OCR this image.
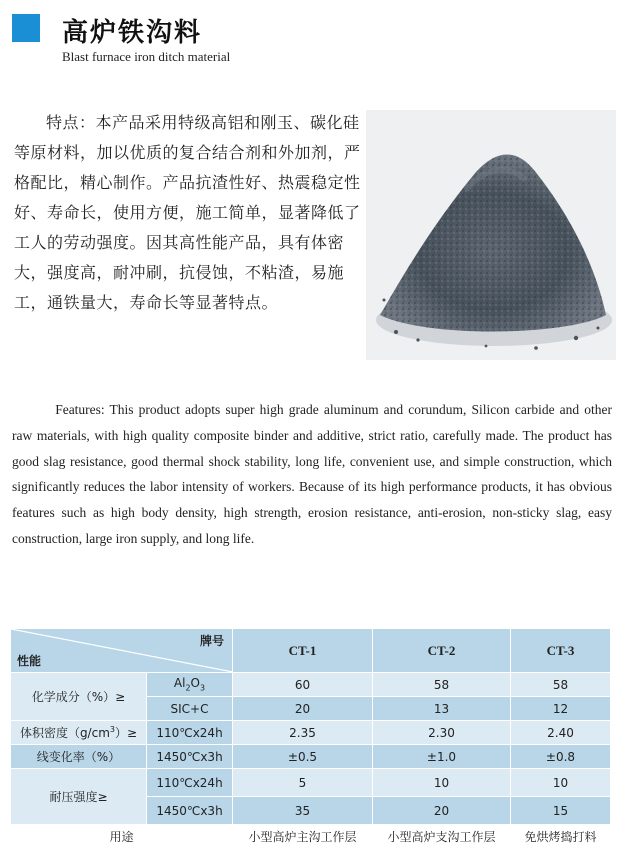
高炉铁沟料
Blast furnace iron ditch material
特点：本产品采用特级高铝和刚玉、碳化硅等原材料，加以优质的复合结合剂和外加剂，严格配比，精心制作。产品抗渣性好、热震稳定性好、寿命长，使用方便，施工简单，显著降低了工人的劳动强度。因其高性能产品，具有体密大，强度高，耐冲刷，抗侵蚀，不粘渣，易施工，通铁量大，寿命长等显著特点。

Features: This product adopts super high grade aluminum and corundum, Silicon carbide and other raw materials, with high quality composite binder and additive, strict ratio, carefully made. The product has good slag resistance, good thermal shock stability, long life, convenient use, and simple construction, which significantly reduces the labor intensity of workers. Because of its high performance products, it has obvious features such as high body density, high strength, erosion resistance, anti-erosion, non-sticky slag, easy construction, large iron supply, and long life.

牌号
性能		CT-1	CT-2	CT-3
化学成分（%）≥	$Al_2O_3$	60	58	58
	SIC+C	20	13	12
体积密度$(g/cm^3)\ge$	110℃x24h	2.35	2.30	2.40
线变化率（%）	1450℃x3h	±0.5	±1.0	±0.8
耐压强度≥	110℃x24h	5	10	10
	1450℃x3h	35	20	15
用途		小型高炉主沟工作层	小型高炉支沟工作层	免烘烤捣打料
